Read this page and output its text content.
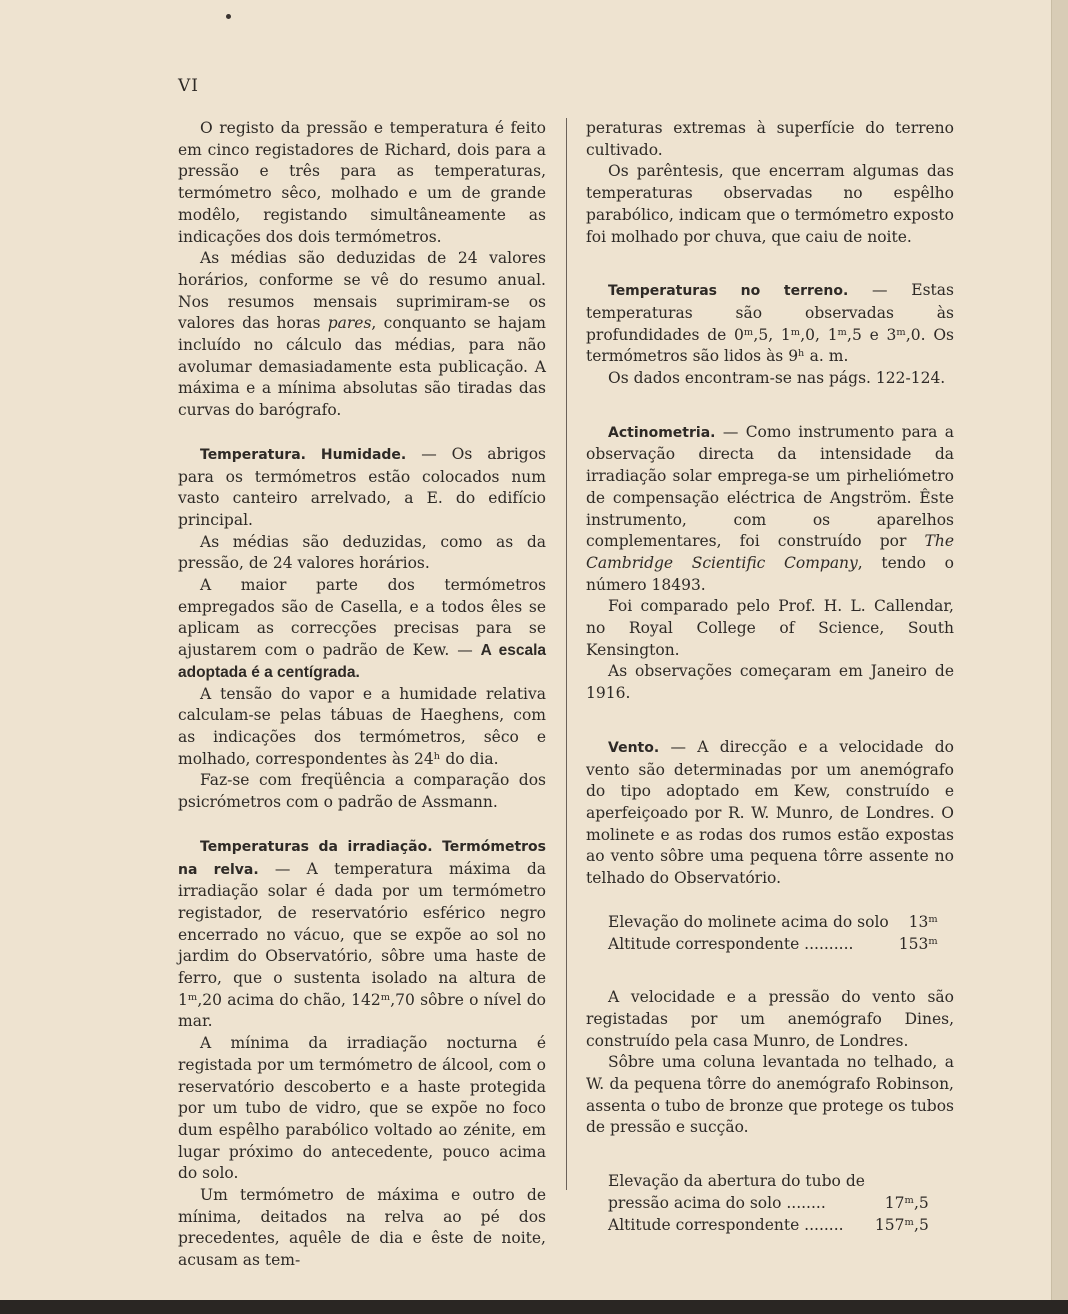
VI

O registo da pressão e temperatura é feito em cinco registadores de Richard, dois para a pressão e três para as temperaturas, termómetro sêco, molhado e um de grande modêlo, registando simultâneamente as indicações dos dois termómetros.

As médias são deduzidas de 24 valores horários, conforme se vê do resumo anual. Nos resumos mensais suprimiram-se os valores das horas pares, conquanto se hajam incluído no cálculo das médias, para não avolumar demasiadamente esta publicação. A máxima e a mínima absolutas são tiradas das curvas do barógrafo.

Temperatura. Humidade. — Os abrigos para os termómetros estão colocados num vasto canteiro arrelvado, a E. do edifício principal.

As médias são deduzidas, como as da pressão, de 24 valores horários.

A maior parte dos termómetros empregados são de Casella, e a todos êles se aplicam as correcções precisas para se ajustarem com o padrão de Kew. — A escala adoptada é a centígrada.

A tensão do vapor e a humidade relativa calculam-se pelas tábuas de Haeghens, com as indicações dos termómetros, sêco e molhado, correspondentes às 24ʰ do dia.

Faz-se com freqüência a comparação dos psicrómetros com o padrão de Assmann.

Temperaturas da irradiação. Termómetros na relva. — A temperatura máxima da irradiação solar é dada por um termómetro registador, de reservatório esférico negro encerrado no vácuo, que se expõe ao sol no jardim do Observatório, sôbre uma haste de ferro, que o sustenta isolado na altura de 1ᵐ,20 acima do chão, 142ᵐ,70 sôbre o nível do mar.

A mínima da irradiação nocturna é registada por um termómetro de álcool, com o reservatório descoberto e a haste protegida por um tubo de vidro, que se expõe no foco dum espêlho parabólico voltado ao zénite, em lugar próximo do antecedente, pouco acima do solo.

Um termómetro de máxima e outro de mínima, deitados na relva ao pé dos precedentes, aquêle de dia e êste de noite, acusam as tem-

peraturas extremas à superfície do terreno cultivado.

Os parêntesis, que encerram algumas das temperaturas observadas no espêlho parabólico, indicam que o termómetro exposto foi molhado por chuva, que caiu de noite.

Temperaturas no terreno. — Estas temperaturas são observadas às profundidades de 0ᵐ,5, 1ᵐ,0, 1ᵐ,5 e 3ᵐ,0. Os termómetros são lidos às 9ʰ a. m.

Os dados encontram-se nas págs. 122-124.

Actinometria. — Como instrumento para a observação directa da intensidade da irradiação solar emprega-se um pirheliómetro de compensação eléctrica de Angström. Êste instrumento, com os aparelhos complementares, foi construído por The Cambridge Scientific Company, tendo o número 18493.

Foi comparado pelo Prof. H. L. Callendar, no Royal College of Science, South Kensington.

As observações começaram em Janeiro de 1916.

Vento. — A direcção e a velocidade do vento são determinadas por um anemógrafo do tipo adoptado em Kew, construído e aperfeiçoado por R. W. Munro, de Londres. O molinete e as rodas dos rumos estão expostas ao vento sôbre uma pequena tôrre assente no telhado do Observatório.

Elevação do molinete acima do solo	13ᵐ
Altitude correspondente ..........	153ᵐ

A velocidade e a pressão do vento são registadas por um anemógrafo Dines, construído pela casa Munro, de Londres.

Sôbre uma coluna levantada no telhado, a W. da pequena tôrre do anemógrafo Robinson, assenta o tubo de bronze que protege os tubos de pressão e sucção.

Elevação da abertura do tubo de	
pressão acima do solo ........	17ᵐ,5
Altitude correspondente ........	157ᵐ,5
